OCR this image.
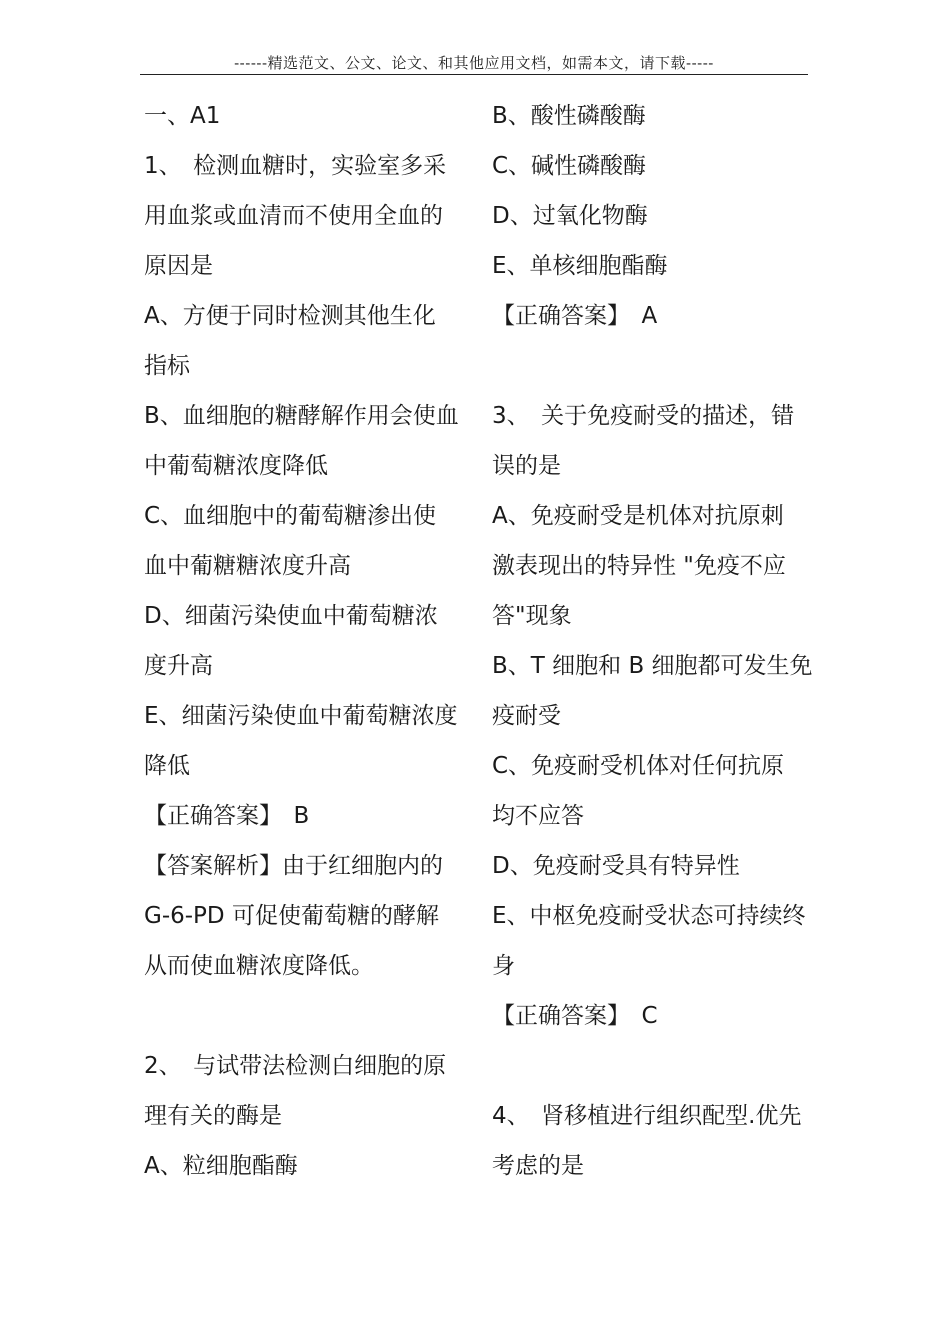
------精选范文、公文、论文、和其他应用文档，如需本文，请下载-----
一、A1
1、　检测血糖时，实验室多采
用血浆或血清而不使用全血的
原因是
A、方便于同时检测其他生化
指标
B、血细胞的糖酵解作用会使血
中葡萄糖浓度降低
C、血细胞中的葡萄糖渗出使
血中葡糖糖浓度升高
D、细菌污染使血中葡萄糖浓
度升高
E、细菌污染使血中葡萄糖浓度
降低
【正确答案】　B
【答案解析】由于红细胞内的
G-6-PD 可促使葡萄糖的酵解
从而使血糖浓度降低。
2、　与试带法检测白细胞的原
理有关的酶是
A、粒细胞酯酶
B、酸性磷酸酶
C、碱性磷酸酶
D、过氧化物酶
E、单核细胞酯酶
【正确答案】　A
3、　关于免疫耐受的描述，错
误的是
A、免疫耐受是机体对抗原刺
激表现出的特异性 "免疫不应
答"现象
B、T 细胞和 B 细胞都可发生免
疫耐受
C、免疫耐受机体对任何抗原
均不应答
D、免疫耐受具有特异性
E、中枢免疫耐受状态可持续终
身
【正确答案】　C
4、　肾移植进行组织配型.优先
考虑的是
